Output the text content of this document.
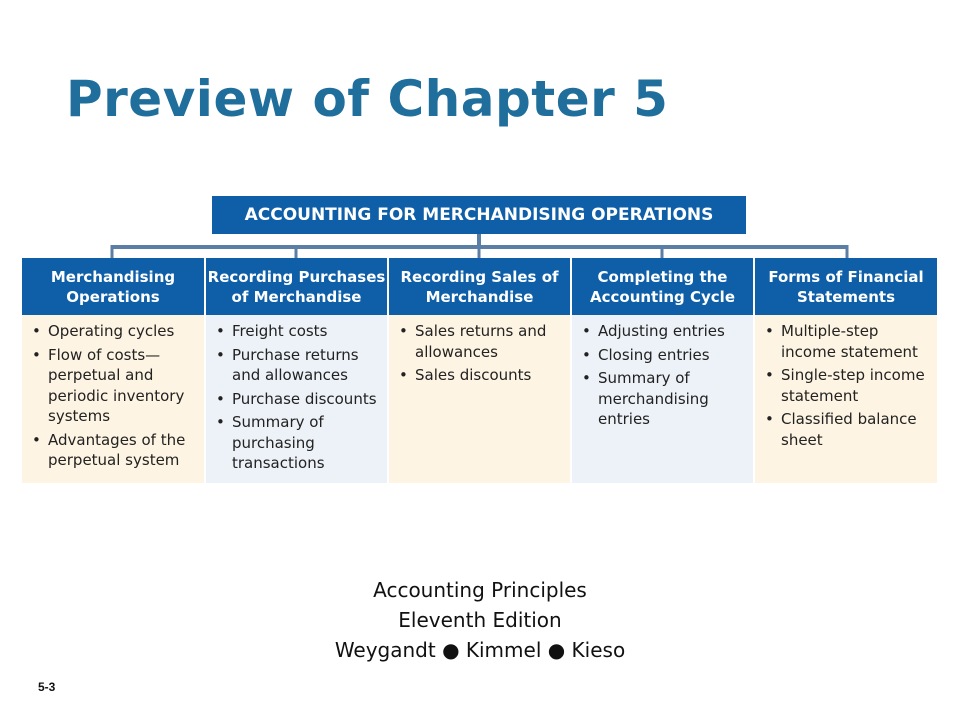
Preview of Chapter 5
ACCOUNTING FOR MERCHANDISING OPERATIONS
Merchandising Operations
• Operating cycles
• Flow of costs— perpetual and periodic inventory systems
• Advantages of the perpetual system
Recording Purchases of Merchandise
• Freight costs
• Purchase returns and allowances
• Purchase discounts
• Summary of purchasing transactions
Recording Sales of Merchandise
• Sales returns and allowances
• Sales discounts
Completing the Accounting Cycle
• Adjusting entries
• Closing entries
• Summary of merchandising entries
Forms of Financial Statements
• Multiple-step income statement
• Single-step income statement
• Classified balance sheet
Accounting Principles
Eleventh Edition
Weygandt ● Kimmel ● Kieso
5-3
